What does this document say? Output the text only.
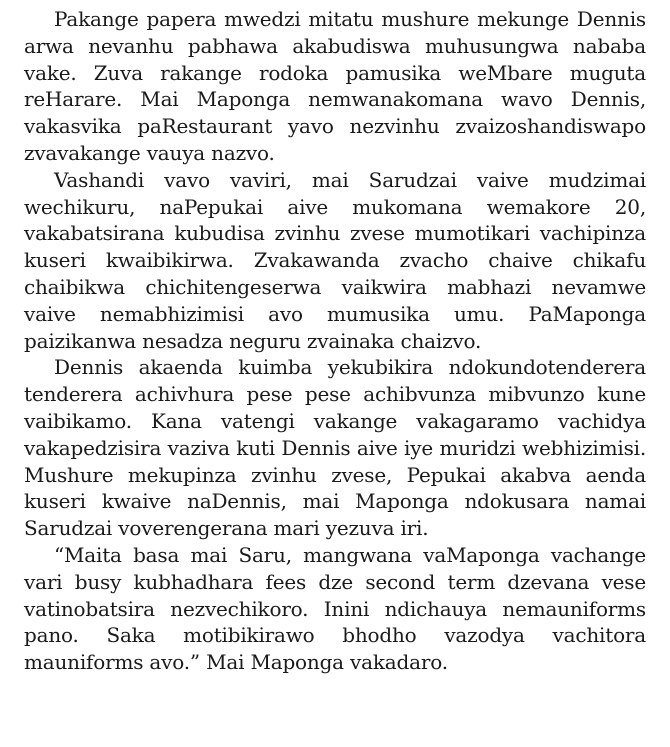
Pakange papera mwedzi mitatu mushure mekunge Dennis arwa nevanhu pabhawa akabudiswa muhusungwa nababa vake. Zuva rakange rodoka pamusika weMbare muguta reHarare. Mai Maponga nemwanakomana wavo Dennis, vakasvika paRestaurant yavo nezvinhu zvaizoshandiswapo zvavakange vauya nazvo.

Vashandi vavo vaviri, mai Sarudzai vaive mudzimai wechikuru, naPepukai aive mukomana wemakore 20, vakabatsirana kubudisa zvinhu zvese mumotikari vachipinza kuseri kwaibikirwa. Zvakawanda zvacho chaive chikafu chaibikwa chichitengeserwa vaikwira mabhazi nevamwe vaive nemabhizimisi avo mumusika umu. PaMaponga paizikanwa nesadza neguru zvainaka chaizvo.

Dennis akaenda kuimba yekubikira ndokundotenderera tenderera achivhura pese pese achibvunza mibvunzo kune vaibikamo. Kana vatengi vakange vakagaramo vachidya vakapedzisira vaziva kuti Dennis aive iye muridzi webhizimisi. Mushure mekupinza zvinhu zvese, Pepukai akabva aenda kuseri kwaive naDennis, mai Maponga ndokusara namai Sarudzai voverengerana mari yezuva iri.

“Maita basa mai Saru, mangwana vaMaponga vachange vari busy kubhadhara fees dze second term dzevana vese vatinobatsira nezvechikoro. Inini ndichauya nemauniforms pano. Saka motibikirawo bhodho vazodya vachitora mauniforms avo.” Mai Maponga vakadaro.
